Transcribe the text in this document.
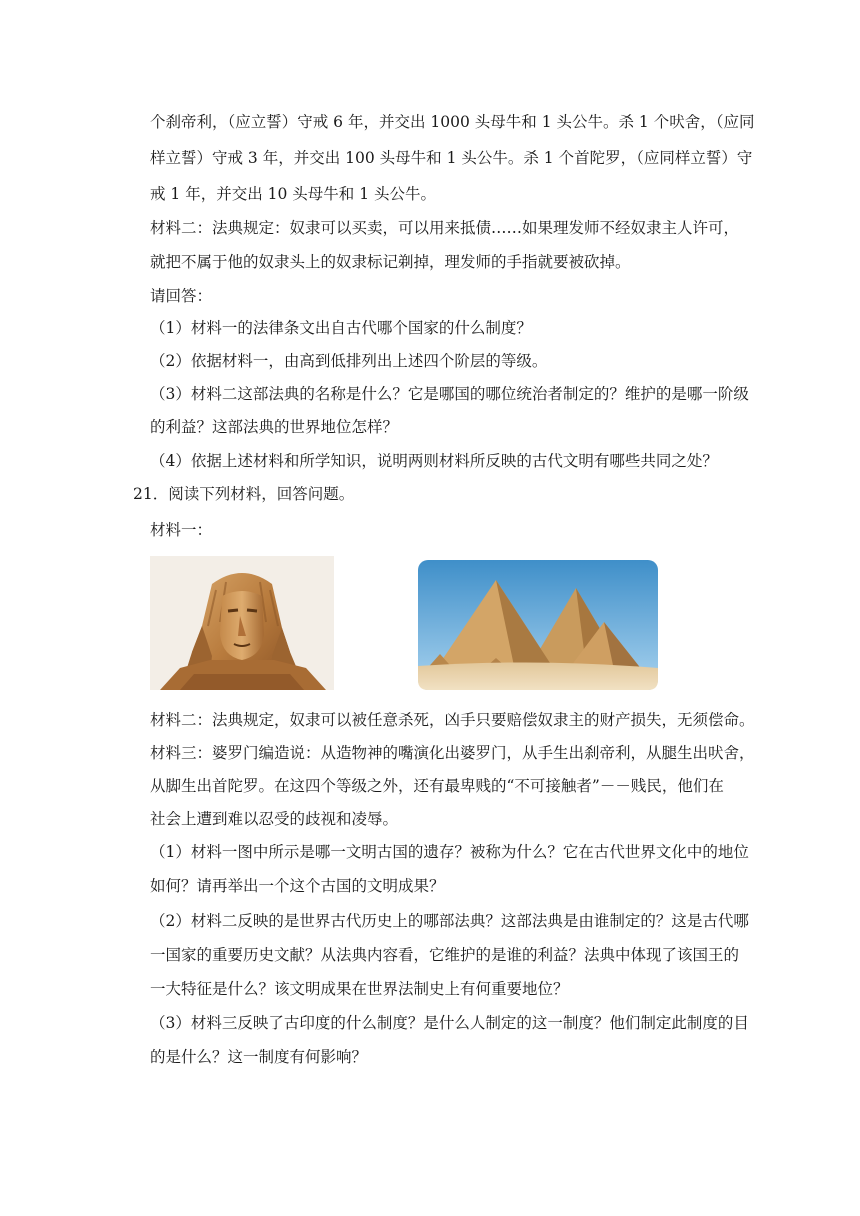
个刹帝利，（应立誓）守戒 6 年，并交出 1000 头母牛和 1 头公牛。杀 1 个吠舍，（应同
样立誓）守戒 3 年，并交出 100 头母牛和 1 头公牛。杀 1 个首陀罗，（应同样立誓）守
戒 1 年，并交出 10 头母牛和 1 头公牛。
材料二：法典规定：奴隶可以买卖，可以用来抵债……如果理发师不经奴隶主人许可，
就把不属于他的奴隶头上的奴隶标记剃掉，理发师的手指就要被砍掉。
请回答：
（1）材料一的法律条文出自古代哪个国家的什么制度？
（2）依据材料一，由高到低排列出上述四个阶层的等级。
（3）材料二这部法典的名称是什么？它是哪国的哪位统治者制定的？维护的是哪一阶级
的利益？这部法典的世界地位怎样？
（4）依据上述材料和所学知识，说明两则材料所反映的古代文明有哪些共同之处？
21．阅读下列材料，回答问题。
材料一：
材料二：法典规定，奴隶可以被任意杀死，凶手只要赔偿奴隶主的财产损失，无须偿命。
材料三：婆罗门编造说：从造物神的嘴演化出婆罗门，从手生出刹帝利，从腿生出吠舍，
从脚生出首陀罗。在这四个等级之外，还有最卑贱的“不可接触者”－－贱民，他们在
社会上遭到难以忍受的歧视和凌辱。
（1）材料一图中所示是哪一文明古国的遗存？被称为什么？它在古代世界文化中的地位
如何？请再举出一个这个古国的文明成果？
（2）材料二反映的是世界古代历史上的哪部法典？这部法典是由谁制定的？这是古代哪
一国家的重要历史文献？从法典内容看，它维护的是谁的利益？法典中体现了该国王的
一大特征是什么？该文明成果在世界法制史上有何重要地位？
（3）材料三反映了古印度的什么制度？是什么人制定的这一制度？他们制定此制度的目
的是什么？这一制度有何影响？
